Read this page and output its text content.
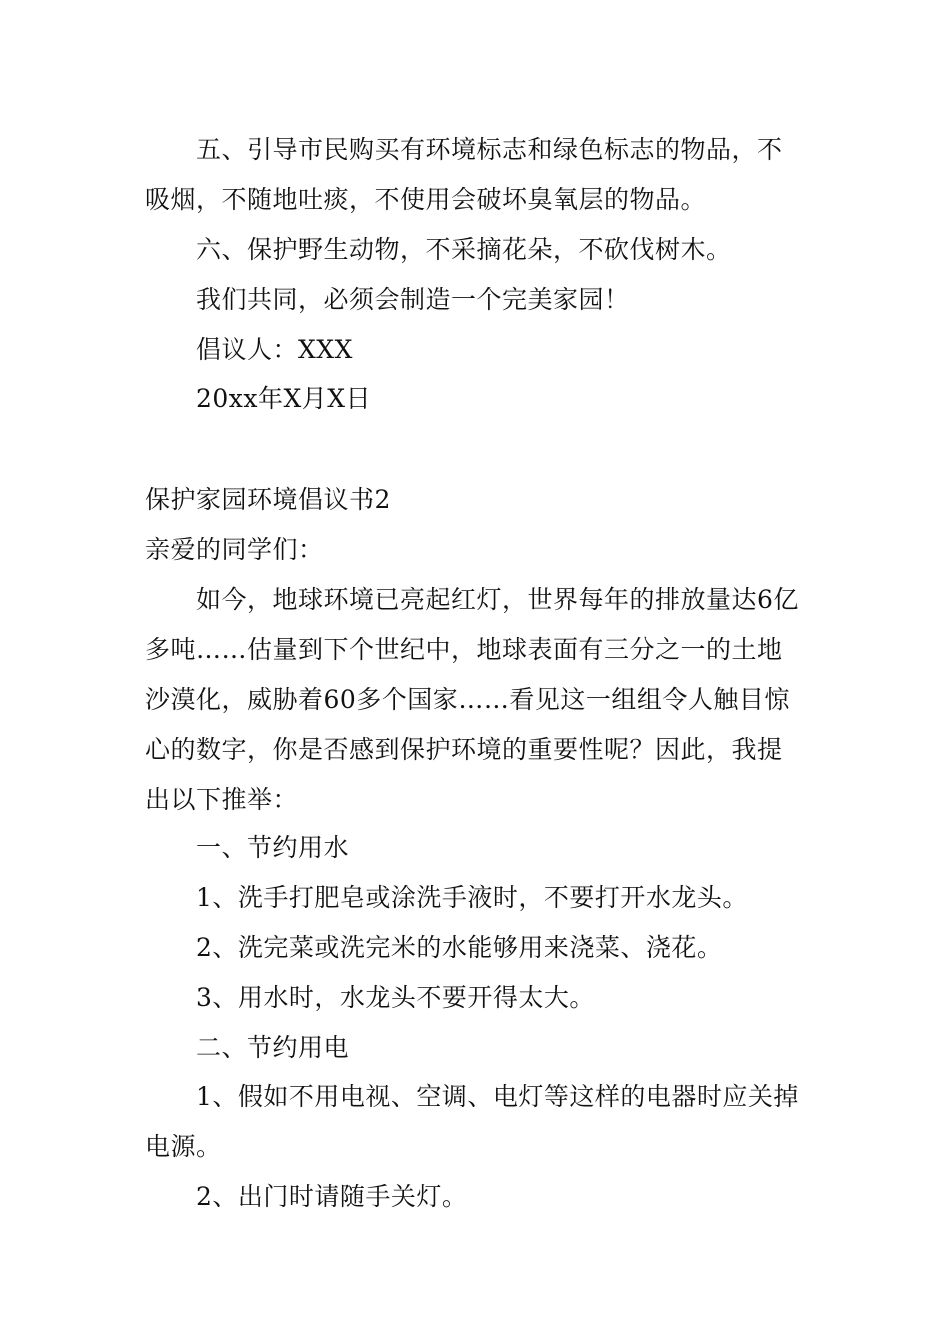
五、引导市民购买有环境标志和绿色标志的物品，不
吸烟，不随地吐痰，不使用会破坏臭氧层的物品。
六、保护野生动物，不采摘花朵，不砍伐树木。
我们共同，必须会制造一个完美家园！
倡议人：XXX
20xx年X月X日
保护家园环境倡议书2
亲爱的同学们：
如今，地球环境已亮起红灯，世界每年的排放量达6亿
多吨……估量到下个世纪中，地球表面有三分之一的土地
沙漠化，威胁着60多个国家……看见这一组组令人触目惊
心的数字，你是否感到保护环境的重要性呢？因此，我提
出以下推举：
一、节约用水
1、洗手打肥皂或涂洗手液时，不要打开水龙头。
2、洗完菜或洗完米的水能够用来浇菜、浇花。
3、用水时，水龙头不要开得太大。
二、节约用电
1、假如不用电视、空调、电灯等这样的电器时应关掉
电源。
2、出门时请随手关灯。
